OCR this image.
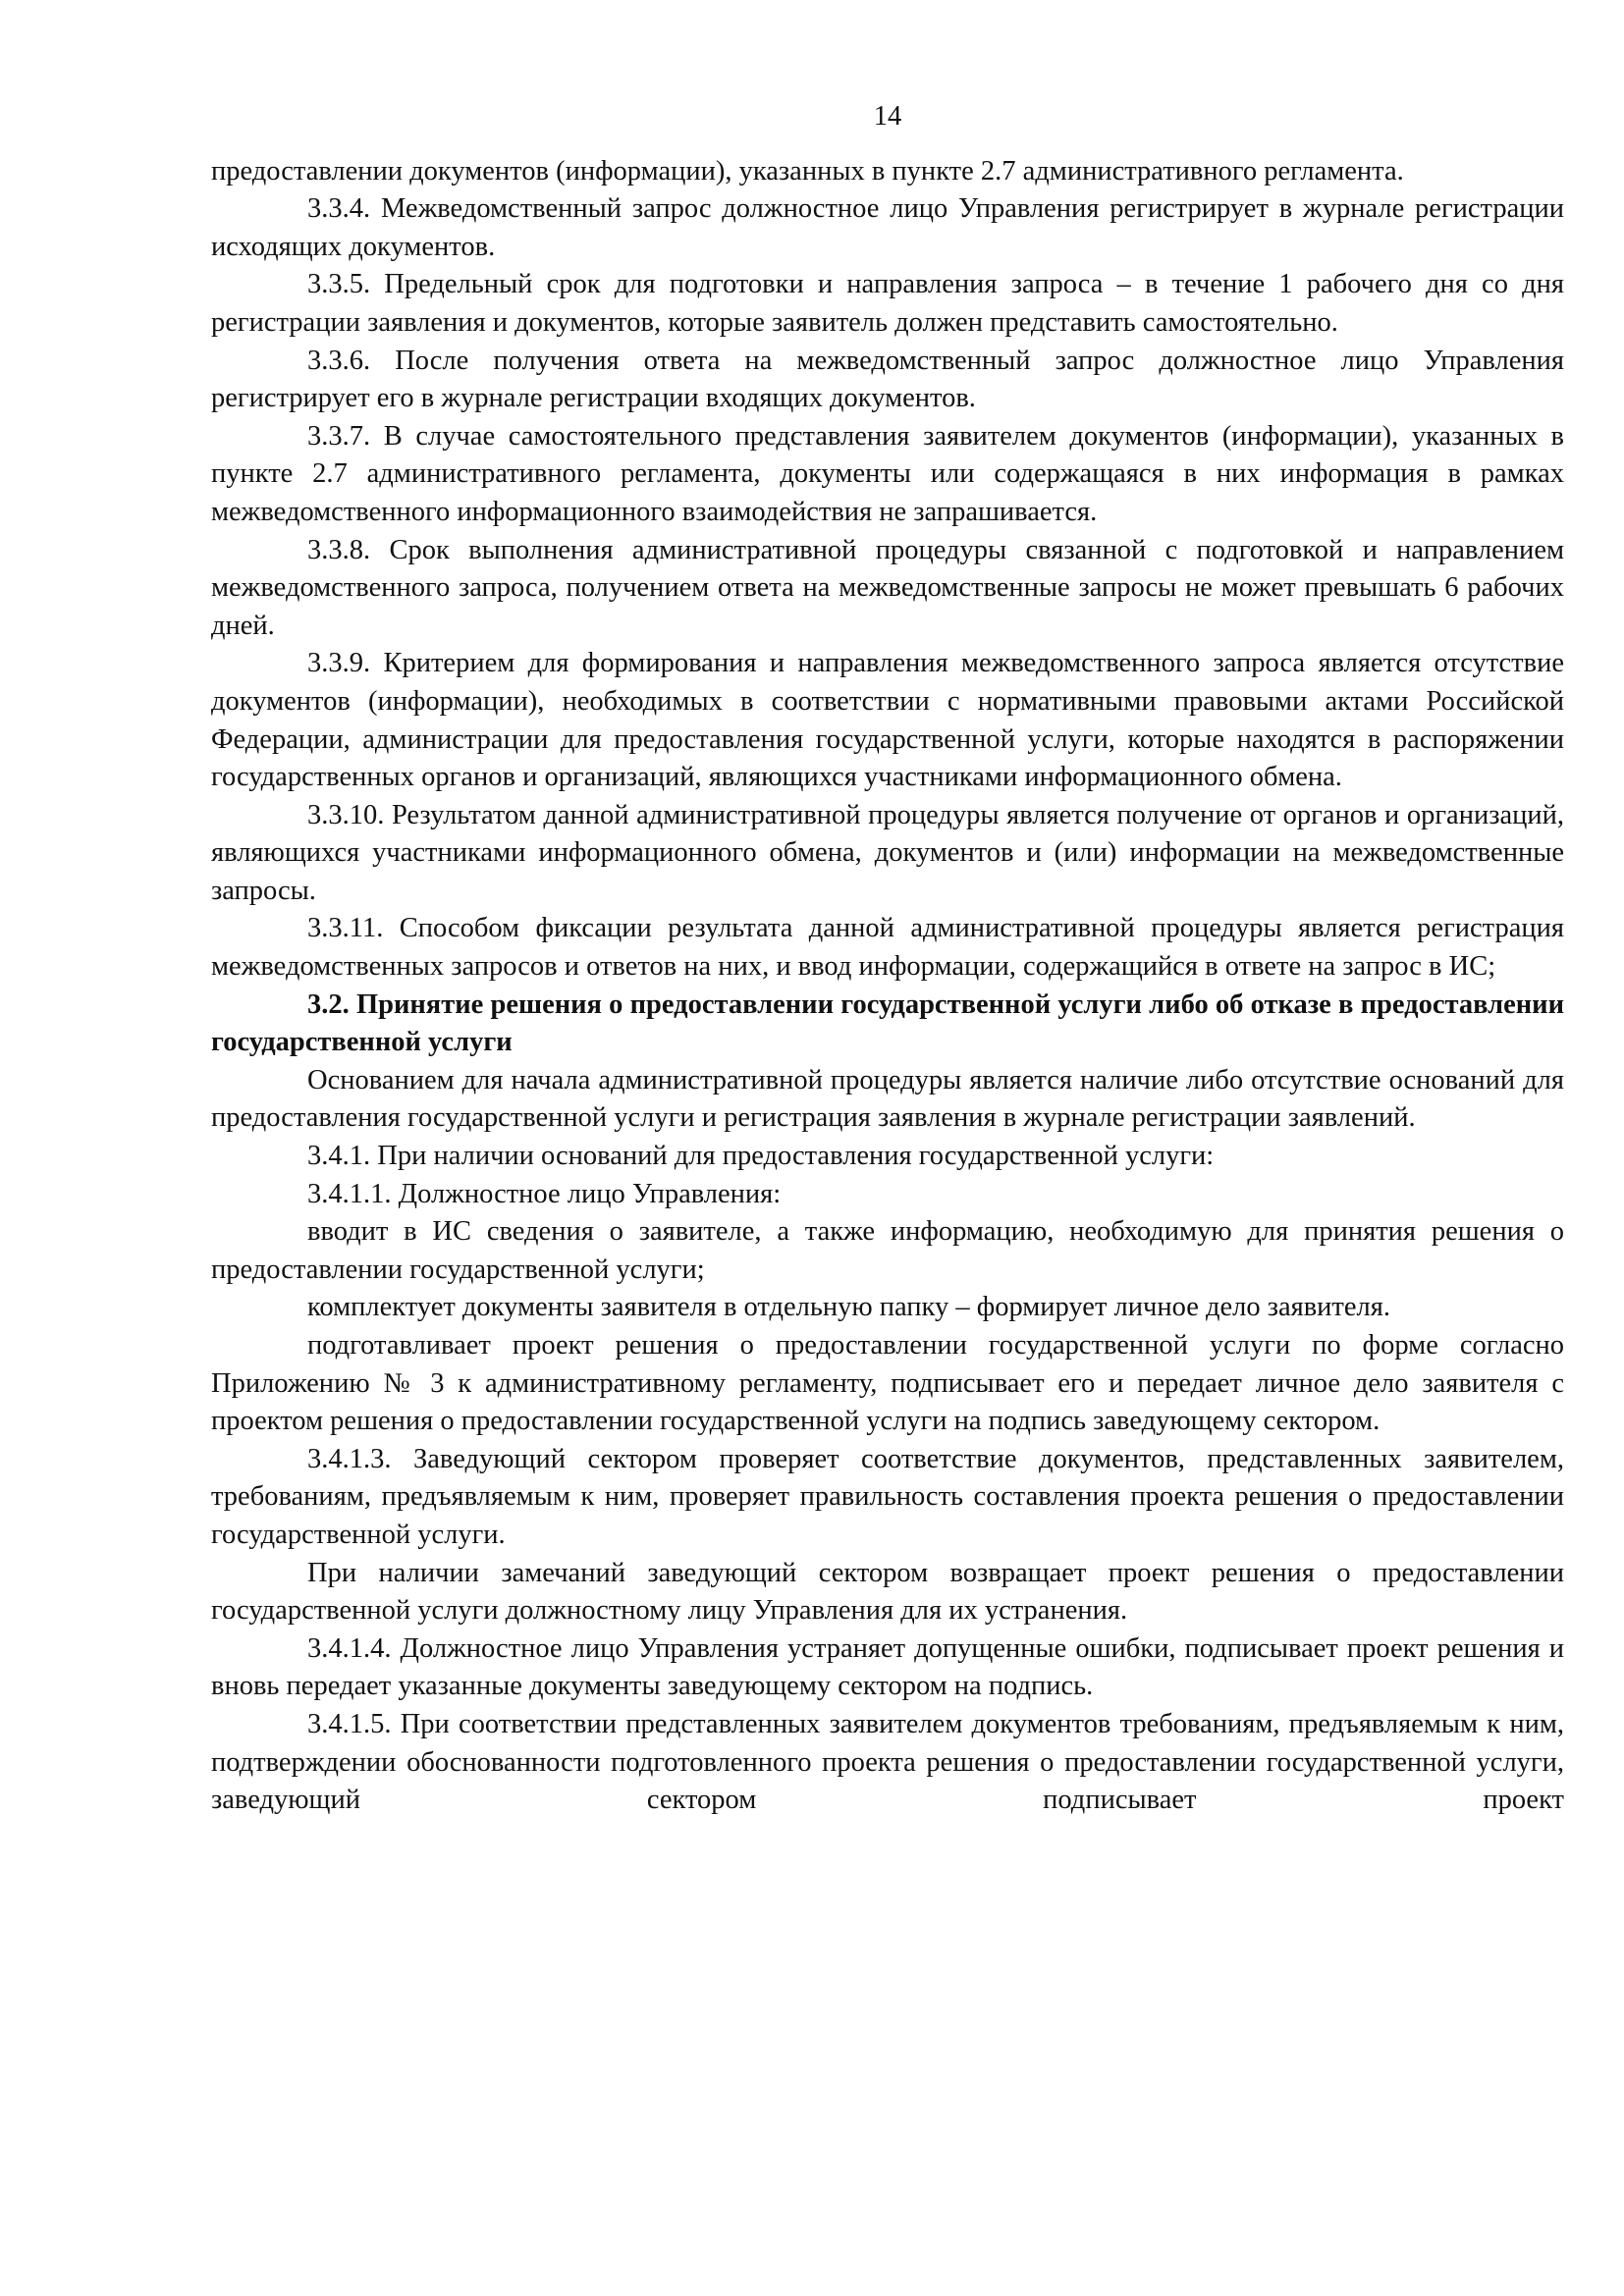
14

предоставлении документов (информации), указанных в пункте 2.7 административного регламента.

3.3.4. Межведомственный запрос должностное лицо Управления регистрирует в журнале регистрации исходящих документов.

3.3.5. Предельный срок для подготовки и направления запроса – в течение 1 рабочего дня со дня регистрации заявления и документов, которые заявитель должен представить самостоятельно.

3.3.6. После получения ответа на межведомственный запрос должностное лицо Управления регистрирует его в журнале регистрации входящих документов.

3.3.7. В случае самостоятельного представления заявителем документов (информации), указанных в пункте 2.7 административного регламента, документы или содержащаяся в них информация в рамках межведомственного информационного взаимодействия не запрашивается.

3.3.8. Срок выполнения административной процедуры связанной с подготовкой и направлением межведомственного запроса, получением ответа на межведомственные запросы не может превышать 6 рабочих дней.

3.3.9. Критерием для формирования и направления межведомственного запроса является отсутствие документов (информации), необходимых в соответствии с нормативными правовыми актами Российской Федерации, администрации для предоставления государственной услуги, которые находятся в распоряжении государственных органов и организаций, являющихся участниками информационного обмена.

3.3.10. Результатом данной административной процедуры является получение от органов и организаций, являющихся участниками информационного обмена, документов и (или) информации на межведомственные запросы.

3.3.11. Способом фиксации результата данной административной процедуры является регистрация межведомственных запросов и ответов на них, и ввод информации, содержащийся в ответе на запрос в ИС;

3.2. Принятие решения о предоставлении государственной услуги либо об отказе в предоставлении государственной услуги

Основанием для начала административной процедуры является наличие либо отсутствие оснований для предоставления государственной услуги и регистрация заявления в журнале регистрации заявлений.

3.4.1. При наличии оснований для предоставления государственной услуги:

3.4.1.1. Должностное лицо Управления:

вводит в ИС сведения о заявителе, а также информацию, необходимую для принятия решения о предоставлении государственной услуги;

комплектует документы заявителя в отдельную папку – формирует личное дело заявителя.

подготавливает проект решения о предоставлении государственной услуги по форме согласно Приложению № 3 к административному регламенту, подписывает его и передает личное дело заявителя с проектом решения о предоставлении государственной услуги на подпись заведующему сектором.

3.4.1.3. Заведующий сектором проверяет соответствие документов, представленных заявителем, требованиям, предъявляемым к ним, проверяет правильность составления проекта решения о предоставлении государственной услуги.

При наличии замечаний заведующий сектором возвращает проект решения о предоставлении государственной услуги должностному лицу Управления для их устранения.

3.4.1.4. Должностное лицо Управления устраняет допущенные ошибки, подписывает проект решения и вновь передает указанные документы заведующему сектором на подпись.

3.4.1.5. При соответствии представленных заявителем документов требованиям, предъявляемым к ним, подтверждении обоснованности подготовленного проекта решения о предоставлении государственной услуги, заведующий сектором подписывает проект
